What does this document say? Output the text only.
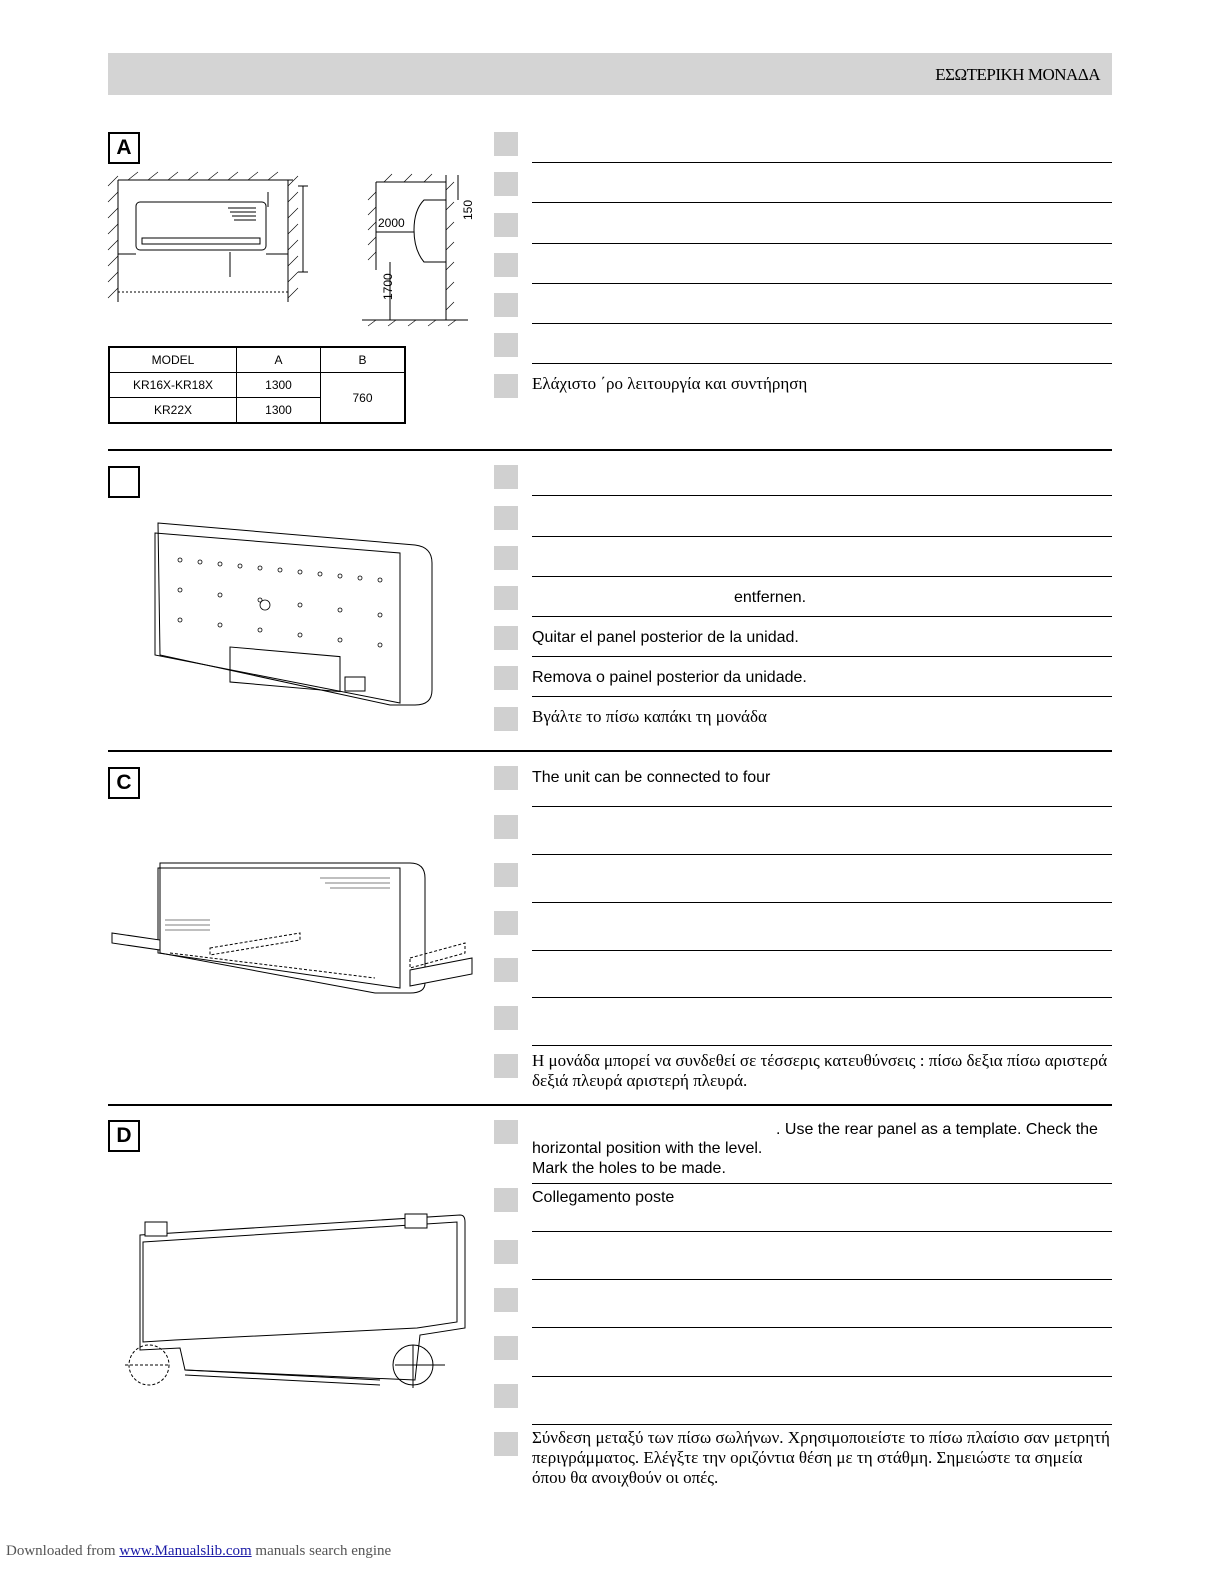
ΕΣΩΤΕΡΙΚΗ ΜΟΝΑΔΑ
A
C
D
2000
150
1700
MODEL	A	B
KR16X-KR18X	1300	760
KR22X	1300	
Ελάχιστο ΄ρο λειτουργία και συντήρηση
entfernen.
Quitar el panel posterior de la unidad.
Remova o painel posterior da unidade.
Βγάλτε το πίσω καπάκι τη μονάδα
The unit can be connected to four
Η μονάδα μπορεί να συνδεθεί σε τέσσερις κατευθύνσεις : πίσω δεξια πίσω αριστερά δεξιά πλευρά αριστερή πλευρά.
. Use the rear panel as a template. Check the
horizontal position with the level.
Mark the holes to be made.
Collegamento poste
Σύνδεση μεταξύ των πίσω σωλήνων. Χρησιμοποιείστε το πίσω πλαίσιο σαν μετρητή περιγράμματος. Ελέγξτε την οριζόντια θέση με τη στάθμη. Σημειώστε τα σημεία όπου θα ανοιχθούν οι οπές.
Downloaded from www.Manualslib.com manuals search engine
